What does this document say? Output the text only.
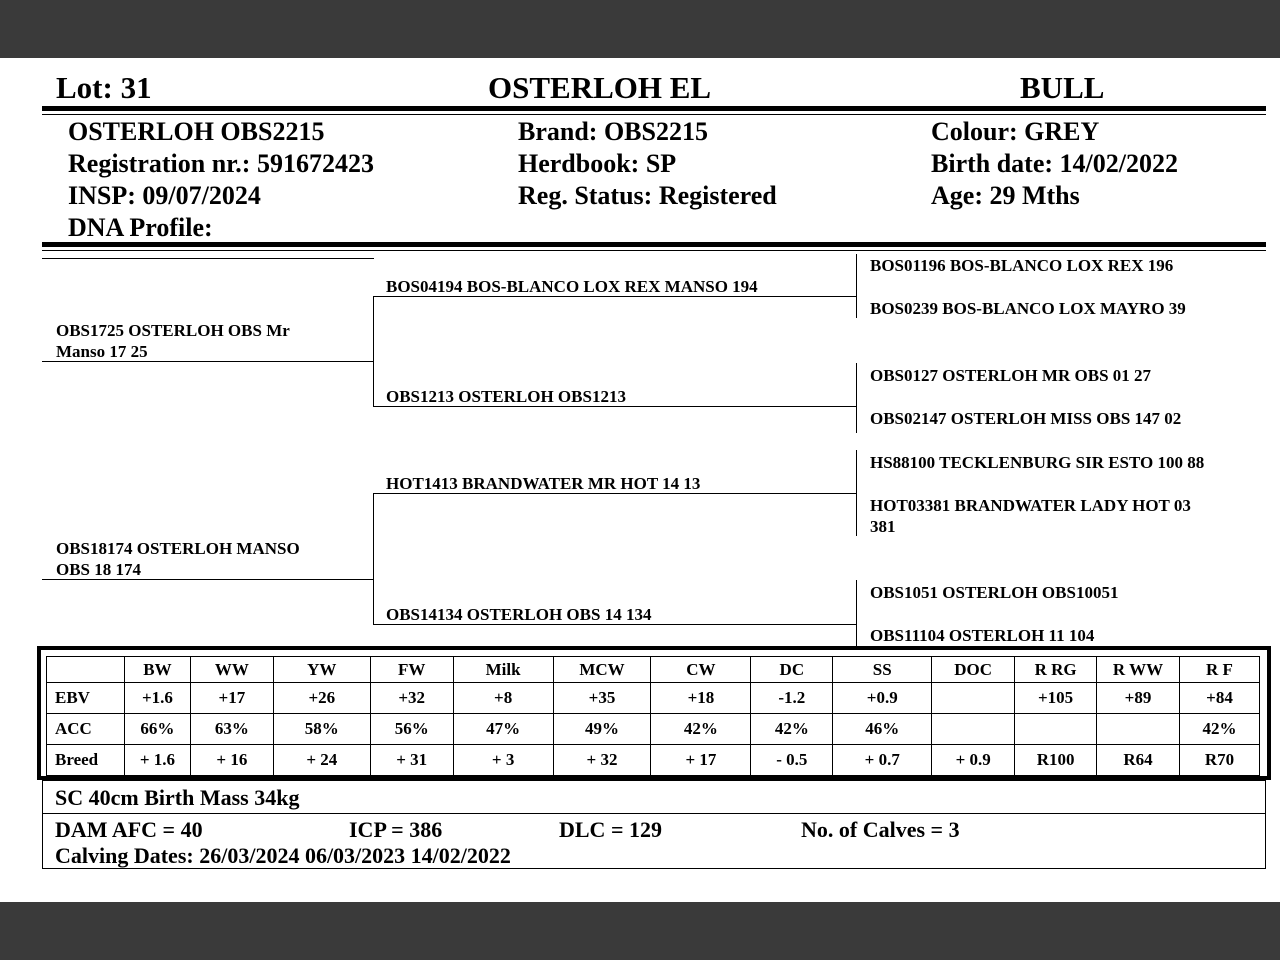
Lot: 31	OSTERLOH EL	BULL
OSTERLOH OBS2215
Registration nr.: 591672423
INSP: 09/07/2024
DNA Profile:
Brand: OBS2215
Herdbook: SP
Reg. Status: Registered
Colour: GREY
Birth date: 14/02/2022
Age: 29 Mths
OBS1725 OSTERLOH OBS Mr
Manso 17 25
OBS18174 OSTERLOH MANSO
OBS 18 174
BOS04194 BOS-BLANCO LOX REX MANSO 194
OBS1213 OSTERLOH OBS1213
HOT1413 BRANDWATER MR HOT 14 13
OBS14134 OSTERLOH OBS 14 134
BOS01196 BOS-BLANCO LOX REX 196
BOS0239 BOS-BLANCO LOX MAYRO 39
OBS0127 OSTERLOH MR OBS 01 27
OBS02147 OSTERLOH MISS OBS 147 02
HS88100 TECKLENBURG SIR ESTO 100 88
HOT03381 BRANDWATER LADY HOT 03
381
OBS1051 OSTERLOH OBS10051
OBS11104 OSTERLOH 11 104
	BW	WW	YW	FW	Milk	MCW	CW	DC	SS	DOC	R RG	R WW	R F
EBV	+1.6	+17	+26	+32	+8	+35	+18	-1.2	+0.9		+105	+89	+84
ACC	66%	63%	58%	56%	47%	49%	42%	42%	46%				42%
Breed	+ 1.6	+ 16	+ 24	+ 31	+ 3	+ 32	+ 17	- 0.5	+ 0.7	+ 0.9	R100	R64	R70
SC 40cm Birth Mass 34kg
DAM AFC = 40	ICP = 386	DLC = 129	No. of Calves = 3
Calving Dates: 26/03/2024 06/03/2023 14/02/2022
